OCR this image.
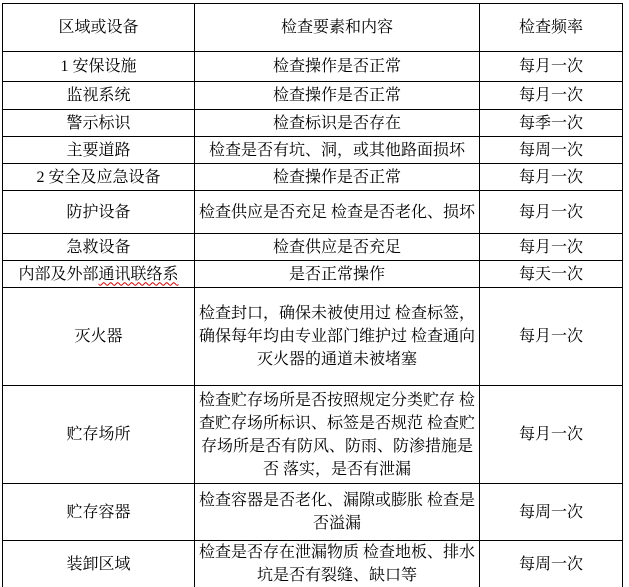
区域或设备	检查要素和内容	检查频率
1 安保设施	检查操作是否正常	每月一次
监视系统	检查操作是否正常	每月一次
警示标识	检查标识是否存在	每季一次
主要道路	检查是否有坑、洞，或其他路面损坏	每周一次
2 安全及应急设备	检查操作是否正常	每月一次
防护设备	检查供应是否充足 检查是否老化、损坏	每月一次
急救设备	检查供应是否充足	每月一次
内部及外部通讯联络系	是否正常操作	每天一次
灭火器	检查封口，确保未被使用过 检查标签，确保每年均由专业部门维护过 检查通向灭火器的通道未被堵塞	每月一次
贮存场所	检查贮存场所是否按照规定分类贮存 检查贮存场所标识、标签是否规范 检查贮存场所是否有防风、防雨、防渗措施是否 落实，是否有泄漏	每月一次
贮存容器	检查容器是否老化、漏隙或膨胀 检查是否溢漏	每周一次
装卸区域	检查是否存在泄漏物质 检查地板、排水坑是否有裂缝、缺口等	每周一次
